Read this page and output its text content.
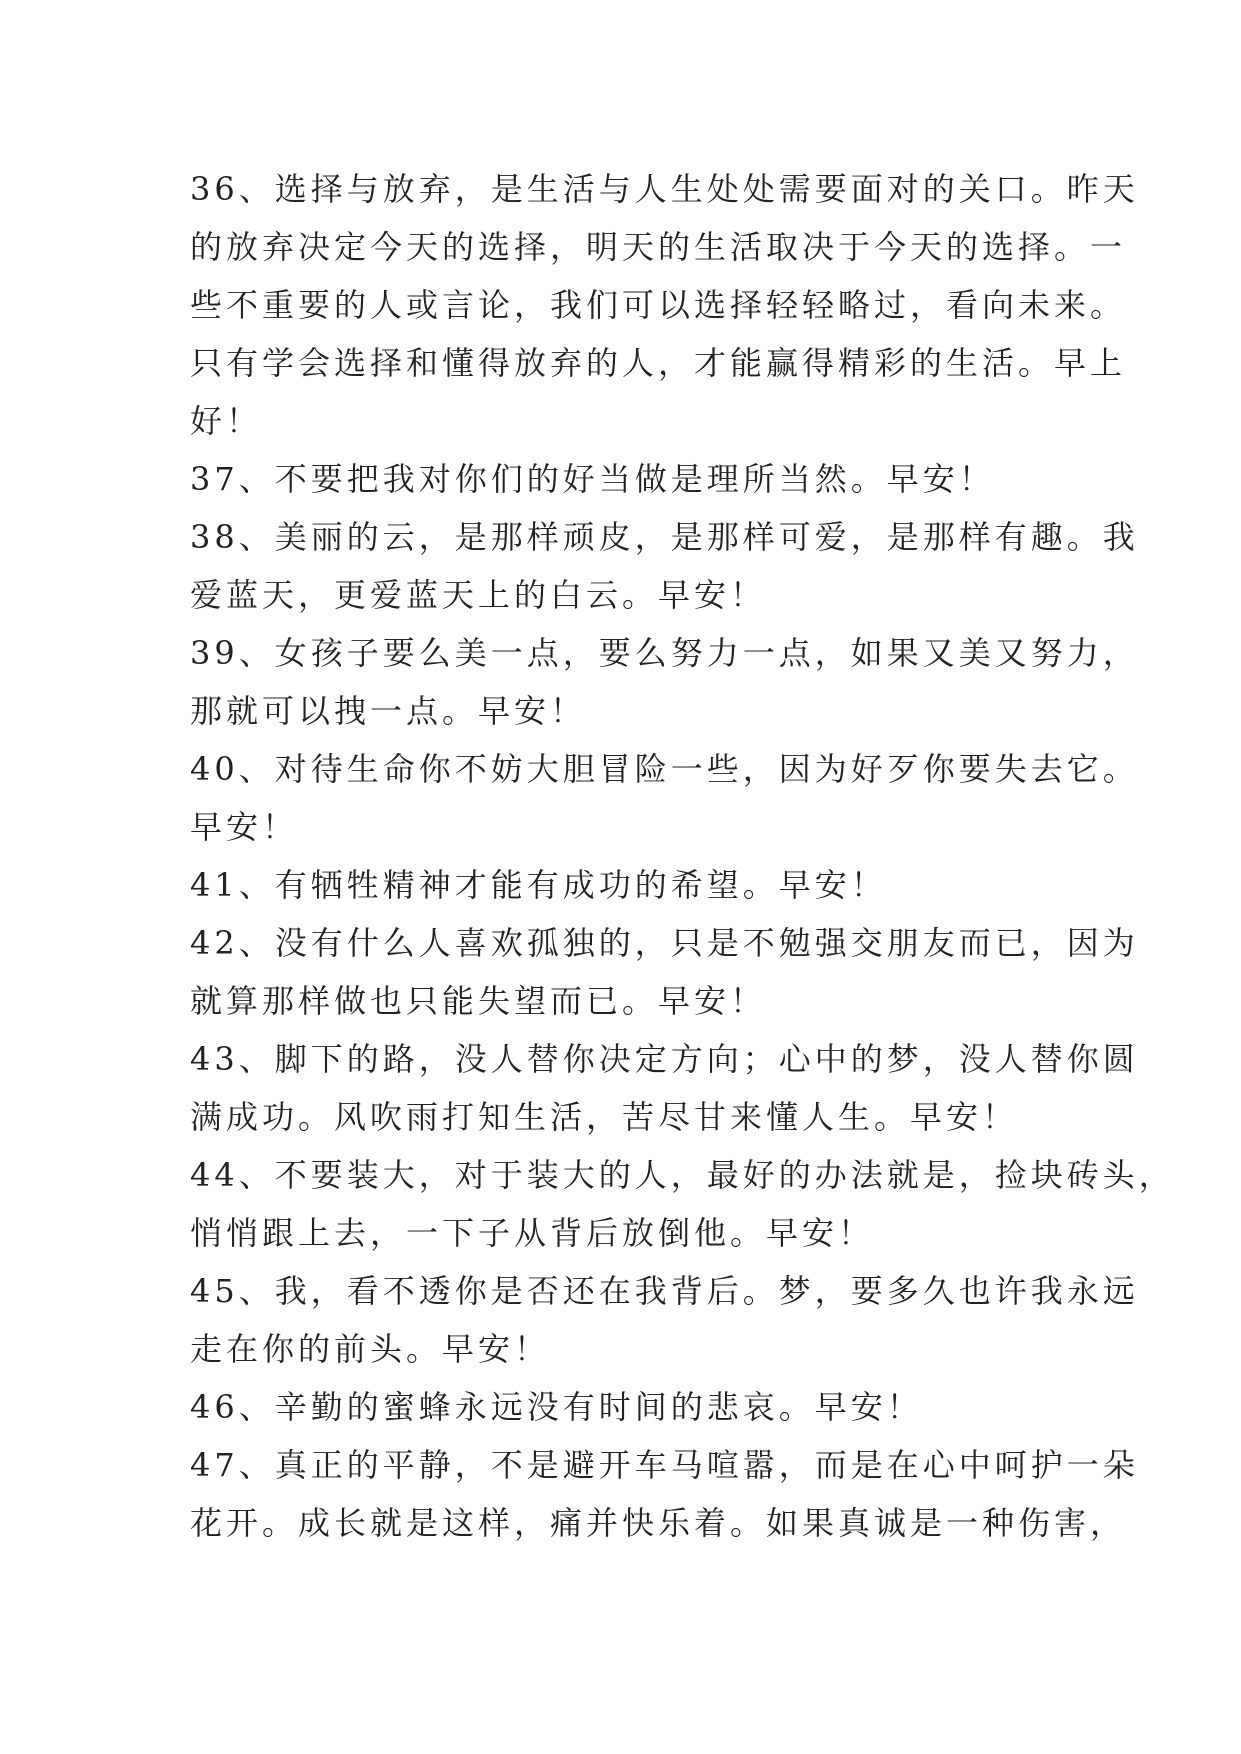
36、选择与放弃，是生活与人生处处需要面对的关口。昨天
的放弃决定今天的选择，明天的生活取决于今天的选择。一
些不重要的人或言论，我们可以选择轻轻略过，看向未来。
只有学会选择和懂得放弃的人，才能赢得精彩的生活。早上
好！
37、不要把我对你们的好当做是理所当然。早安！
38、美丽的云，是那样顽皮，是那样可爱，是那样有趣。我
爱蓝天，更爱蓝天上的白云。早安！
39、女孩子要么美一点，要么努力一点，如果又美又努力，
那就可以拽一点。早安！
40、对待生命你不妨大胆冒险一些，因为好歹你要失去它。
早安！
41、有牺牲精神才能有成功的希望。早安！
42、没有什么人喜欢孤独的，只是不勉强交朋友而已，因为
就算那样做也只能失望而已。早安！
43、脚下的路，没人替你决定方向；心中的梦，没人替你圆
满成功。风吹雨打知生活，苦尽甘来懂人生。早安！
44、不要装大，对于装大的人，最好的办法就是，捡块砖头，
悄悄跟上去，一下子从背后放倒他。早安！
45、我，看不透你是否还在我背后。梦，要多久也许我永远
走在你的前头。早安！
46、辛勤的蜜蜂永远没有时间的悲哀。早安！
47、真正的平静，不是避开车马喧嚣，而是在心中呵护一朵
花开。成长就是这样，痛并快乐着。如果真诚是一种伤害，
